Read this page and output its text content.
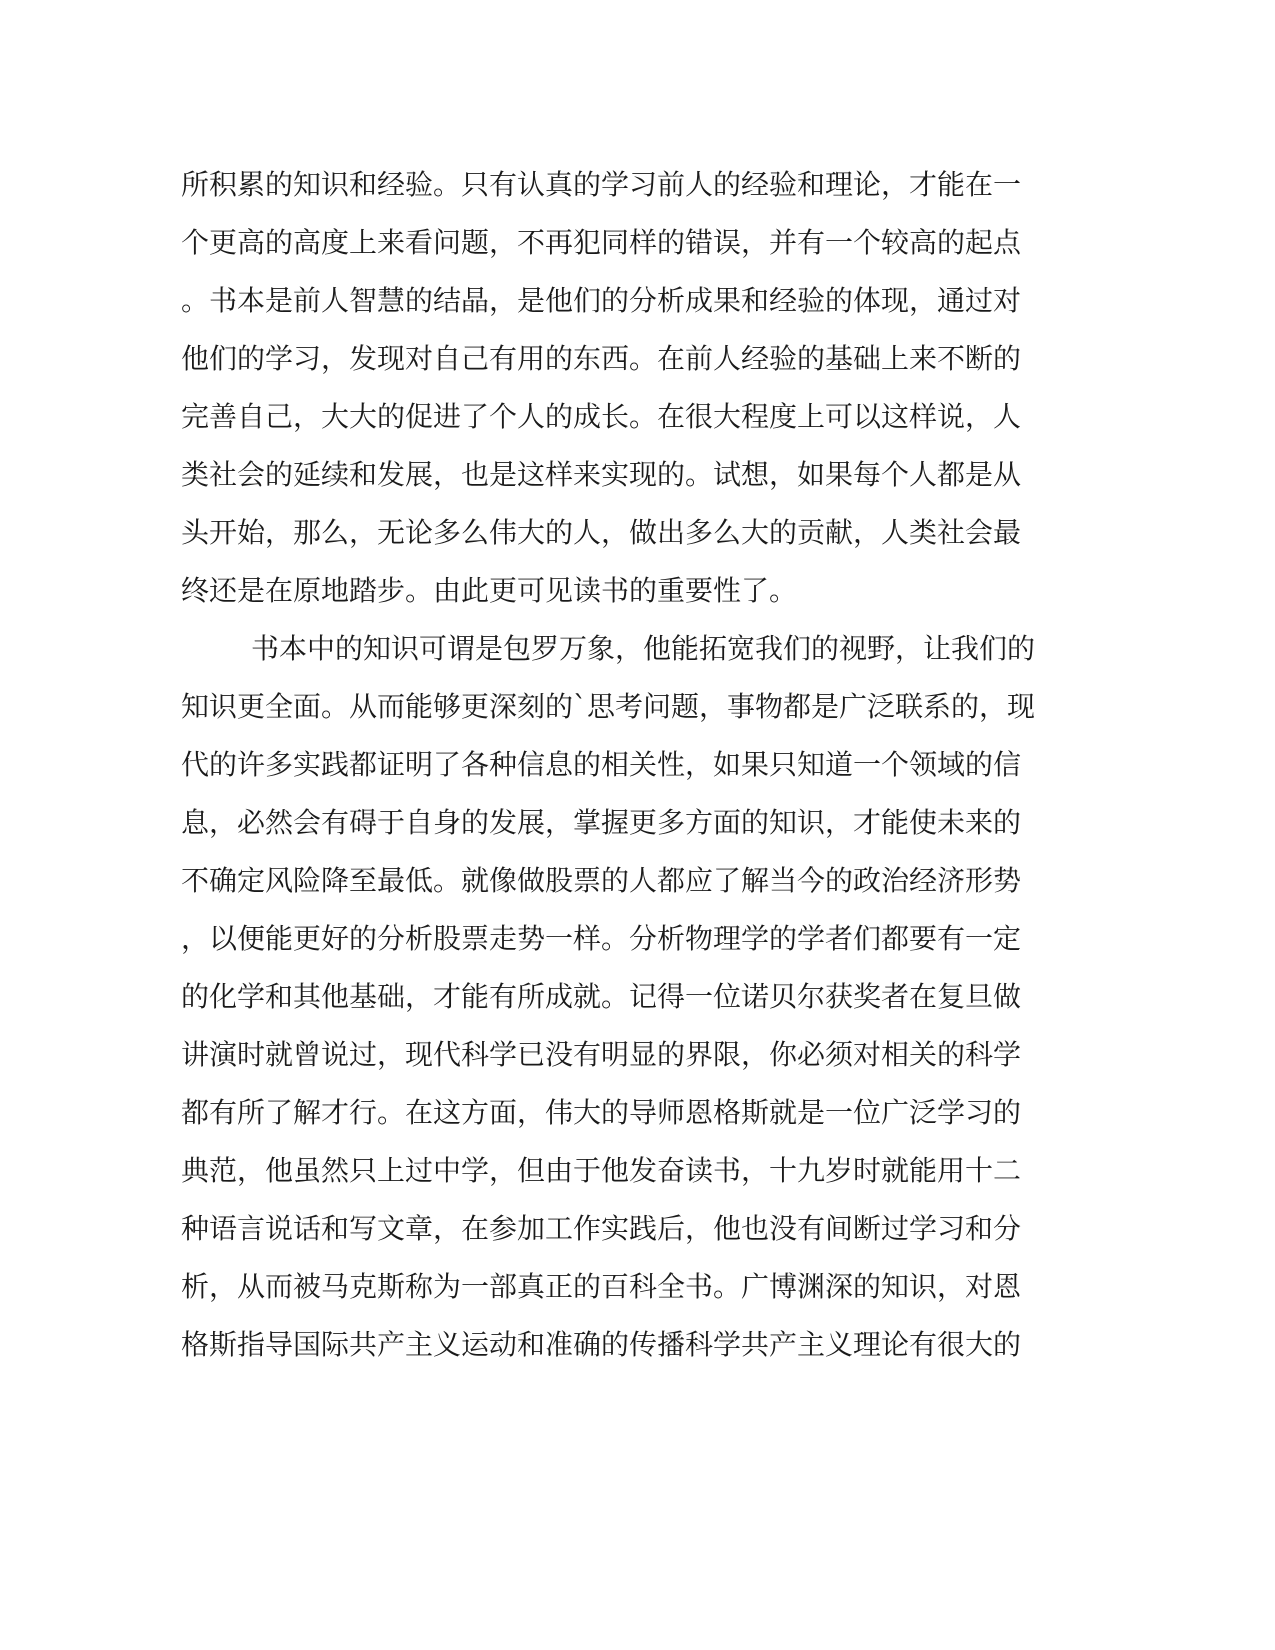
所积累的知识和经验。只有认真的学习前人的经验和理论，才能在一
个更高的高度上来看问题，不再犯同样的错误，并有一个较高的起点
。书本是前人智慧的结晶，是他们的分析成果和经验的体现，通过对
他们的学习，发现对自己有用的东西。在前人经验的基础上来不断的
完善自己，大大的促进了个人的成长。在很大程度上可以这样说，人
类社会的延续和发展，也是这样来实现的。试想，如果每个人都是从
头开始，那么，无论多么伟大的人，做出多么大的贡献，人类社会最
终还是在原地踏步。由此更可见读书的重要性了。
书本中的知识可谓是包罗万象，他能拓宽我们的视野，让我们的
知识更全面。从而能够更深刻的`思考问题，事物都是广泛联系的，现
代的许多实践都证明了各种信息的相关性，如果只知道一个领域的信
息，必然会有碍于自身的发展，掌握更多方面的知识，才能使未来的
不确定风险降至最低。就像做股票的人都应了解当今的政治经济形势
，以便能更好的分析股票走势一样。分析物理学的学者们都要有一定
的化学和其他基础，才能有所成就。记得一位诺贝尔获奖者在复旦做
讲演时就曾说过，现代科学已没有明显的界限，你必须对相关的科学
都有所了解才行。在这方面，伟大的导师恩格斯就是一位广泛学习的
典范，他虽然只上过中学，但由于他发奋读书，十九岁时就能用十二
种语言说话和写文章，在参加工作实践后，他也没有间断过学习和分
析，从而被马克斯称为一部真正的百科全书。广博渊深的知识，对恩
格斯指导国际共产主义运动和准确的传播科学共产主义理论有很大的
